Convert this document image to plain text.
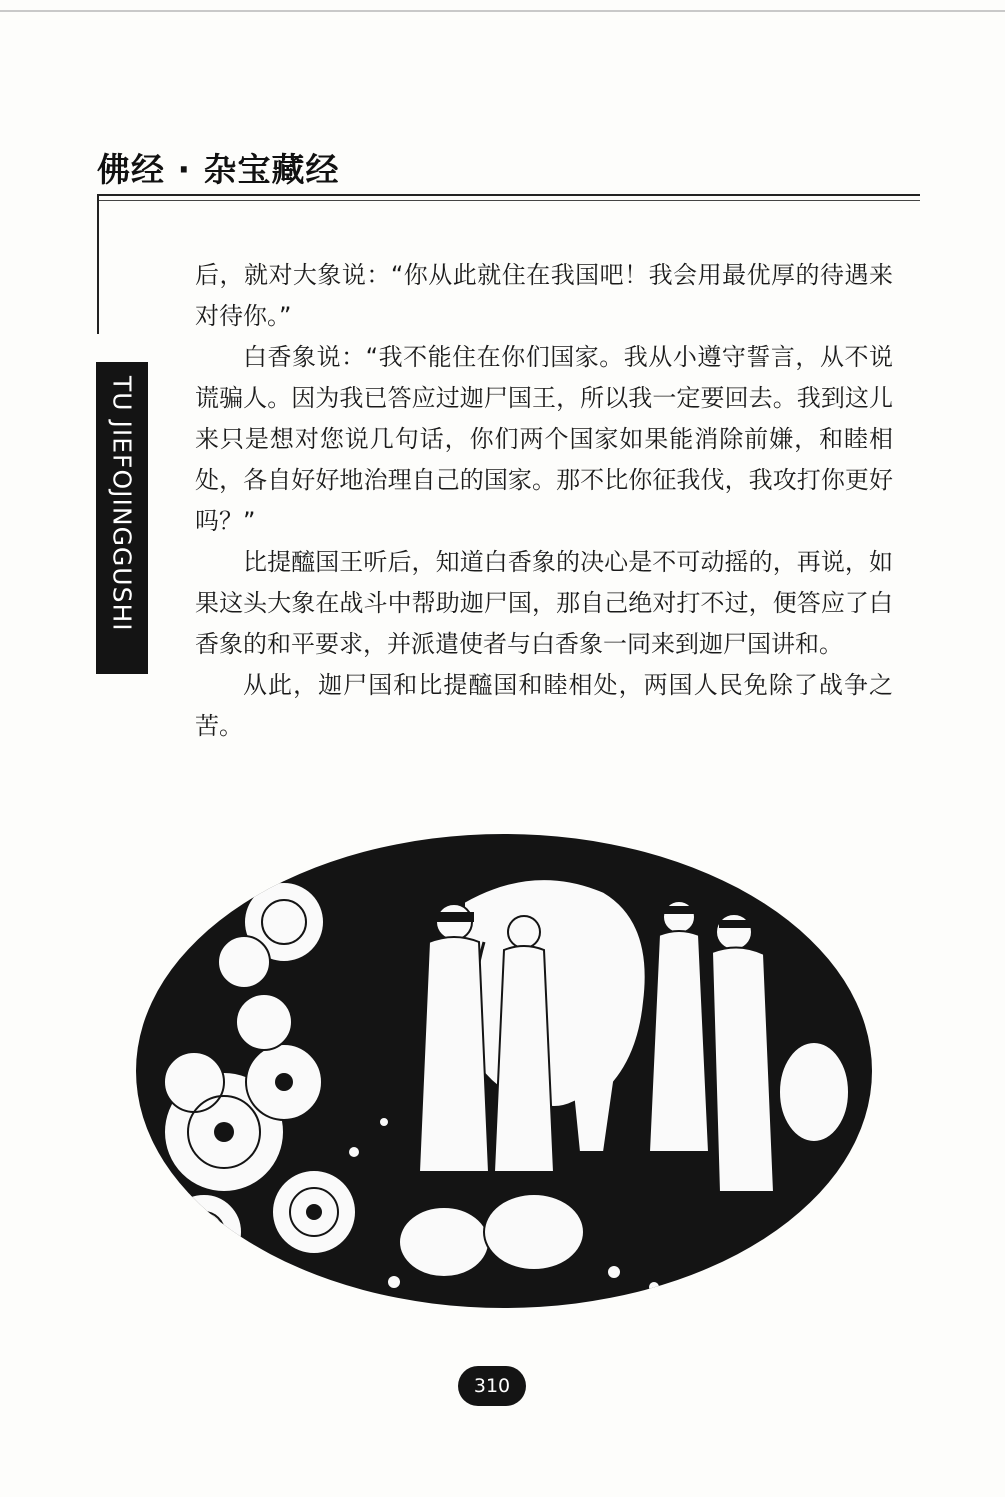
佛经 · 杂宝藏经
TU JIEFOJINGGUSHI

后，就对大象说：“你从此就住在我国吧！我会用最优厚的待遇来对待你。”

白香象说：“我不能住在你们国家。我从小遵守誓言，从不说谎骗人。因为我已答应过迦尸国王，所以我一定要回去。我到这儿来只是想对您说几句话，你们两个国家如果能消除前嫌，和睦相处，各自好好地治理自己的国家。那不比你征我伐，我攻打你更好吗？”

比提醯国王听后，知道白香象的决心是不可动摇的，再说，如果这头大象在战斗中帮助迦尸国，那自己绝对打不过，便答应了白香象的和平要求，并派遣使者与白香象一同来到迦尸国讲和。

从此，迦尸国和比提醯国和睦相处，两国人民免除了战争之苦。

310
